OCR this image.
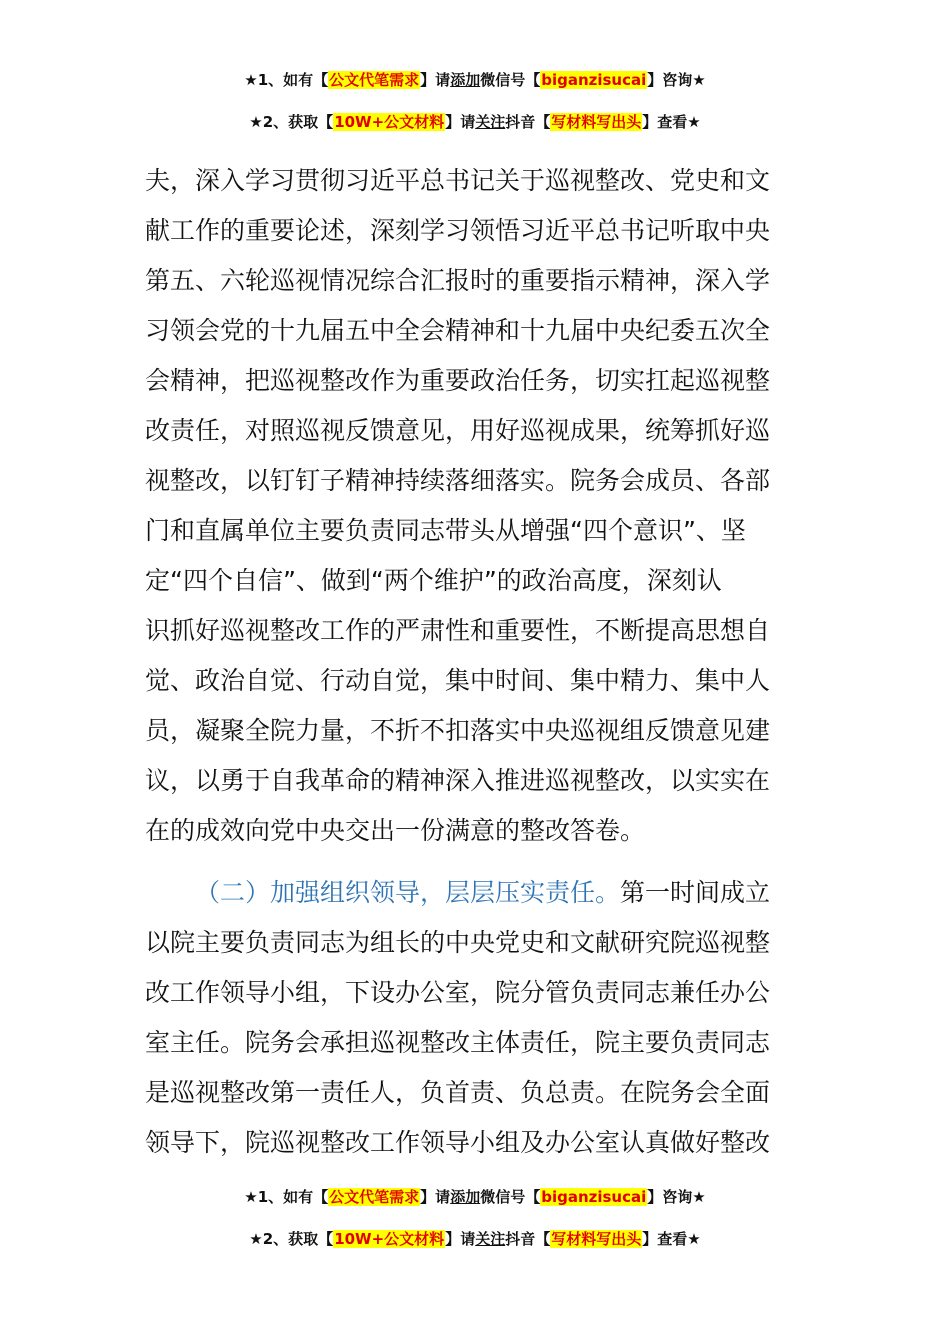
★1、如有【公文代笔需求】请添加微信号【biganzisucai】咨询★
★2、获取【10W+公文材料】请关注抖音【写材料写出头】查看★
夫，深入学习贯彻习近平总书记关于巡视整改、党史和文
献工作的重要论述，深刻学习领悟习近平总书记听取中央
第五、六轮巡视情况综合汇报时的重要指示精神，深入学
习领会党的十九届五中全会精神和十九届中央纪委五次全
会精神，把巡视整改作为重要政治任务，切实扛起巡视整
改责任，对照巡视反馈意见，用好巡视成果，统筹抓好巡
视整改，以钉钉子精神持续落细落实。院务会成员、各部
门和直属单位主要负责同志带头从增强“四个意识”、坚
定“四个自信”、做到“两个维护”的政治高度，深刻认
识抓好巡视整改工作的严肃性和重要性，不断提高思想自
觉、政治自觉、行动自觉，集中时间、集中精力、集中人
员，凝聚全院力量，不折不扣落实中央巡视组反馈意见建
议，以勇于自我革命的精神深入推进巡视整改，以实实在
在的成效向党中央交出一份满意的整改答卷。
（二）加强组织领导，层层压实责任。第一时间成立
以院主要负责同志为组长的中央党史和文献研究院巡视整
改工作领导小组，下设办公室，院分管负责同志兼任办公
室主任。院务会承担巡视整改主体责任，院主要负责同志
是巡视整改第一责任人，负首责、负总责。在院务会全面
领导下，院巡视整改工作领导小组及办公室认真做好整改
★1、如有【公文代笔需求】请添加微信号【biganzisucai】咨询★
★2、获取【10W+公文材料】请关注抖音【写材料写出头】查看★
